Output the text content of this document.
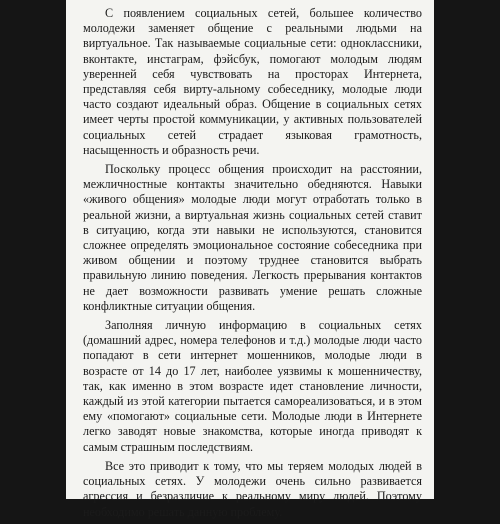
С появлением социальных сетей, большее количество молодежи заменяет общение с реальными людьми на виртуальное. Так называемые социальные сети: одноклассники, вконтакте, инстаграм, фэйсбук, помогают молодым людям уверенней себя чувствовать на просторах Интернета, представляя себя вирту-альному собеседнику, молодые люди часто создают идеальный образ. Общение в социальных сетях имеет черты простой коммуникации, у активных пользователей социальных сетей страдает языковая грамотность, насыщенность и образность речи.

Поскольку процесс общения происходит на расстоянии, межличностные контакты значительно обедняются. Навыки «живого общения» молодые люди могут отработать только в реальной жизни, а виртуальная жизнь социальных сетей ставит в ситуацию, когда эти навыки не используются, становится сложнее определять эмоциональное состояние собеседника при живом общении и поэтому труднее становится выбрать правильную линию поведения. Легкость прерывания контактов не дает возможности развивать умение решать сложные конфликтные ситуации общения.

Заполняя личную информацию в социальных сетях (домашний адрес, номера телефонов и т.д.) молодые люди часто попадают в сети интернет мошенников, молодые люди в возрасте от 14 до 17 лет, наиболее уязвимы к мошенничеству, так, как именно в этом возрасте идет становление личности, каждый из этой категории пытается самореализоваться, и в этом ему «помогают» социальные сети. Молодые люди в Интернете легко заводят новые знакомства, которые иногда приводят к самым страшным последствиям.

Все это приводит к тому, что мы теряем молодых людей в социальных сетях. У молодежи очень сильно развивается агрессия и безразличие к реальному миру людей. Поэтому необходимо решать данную проблему.
